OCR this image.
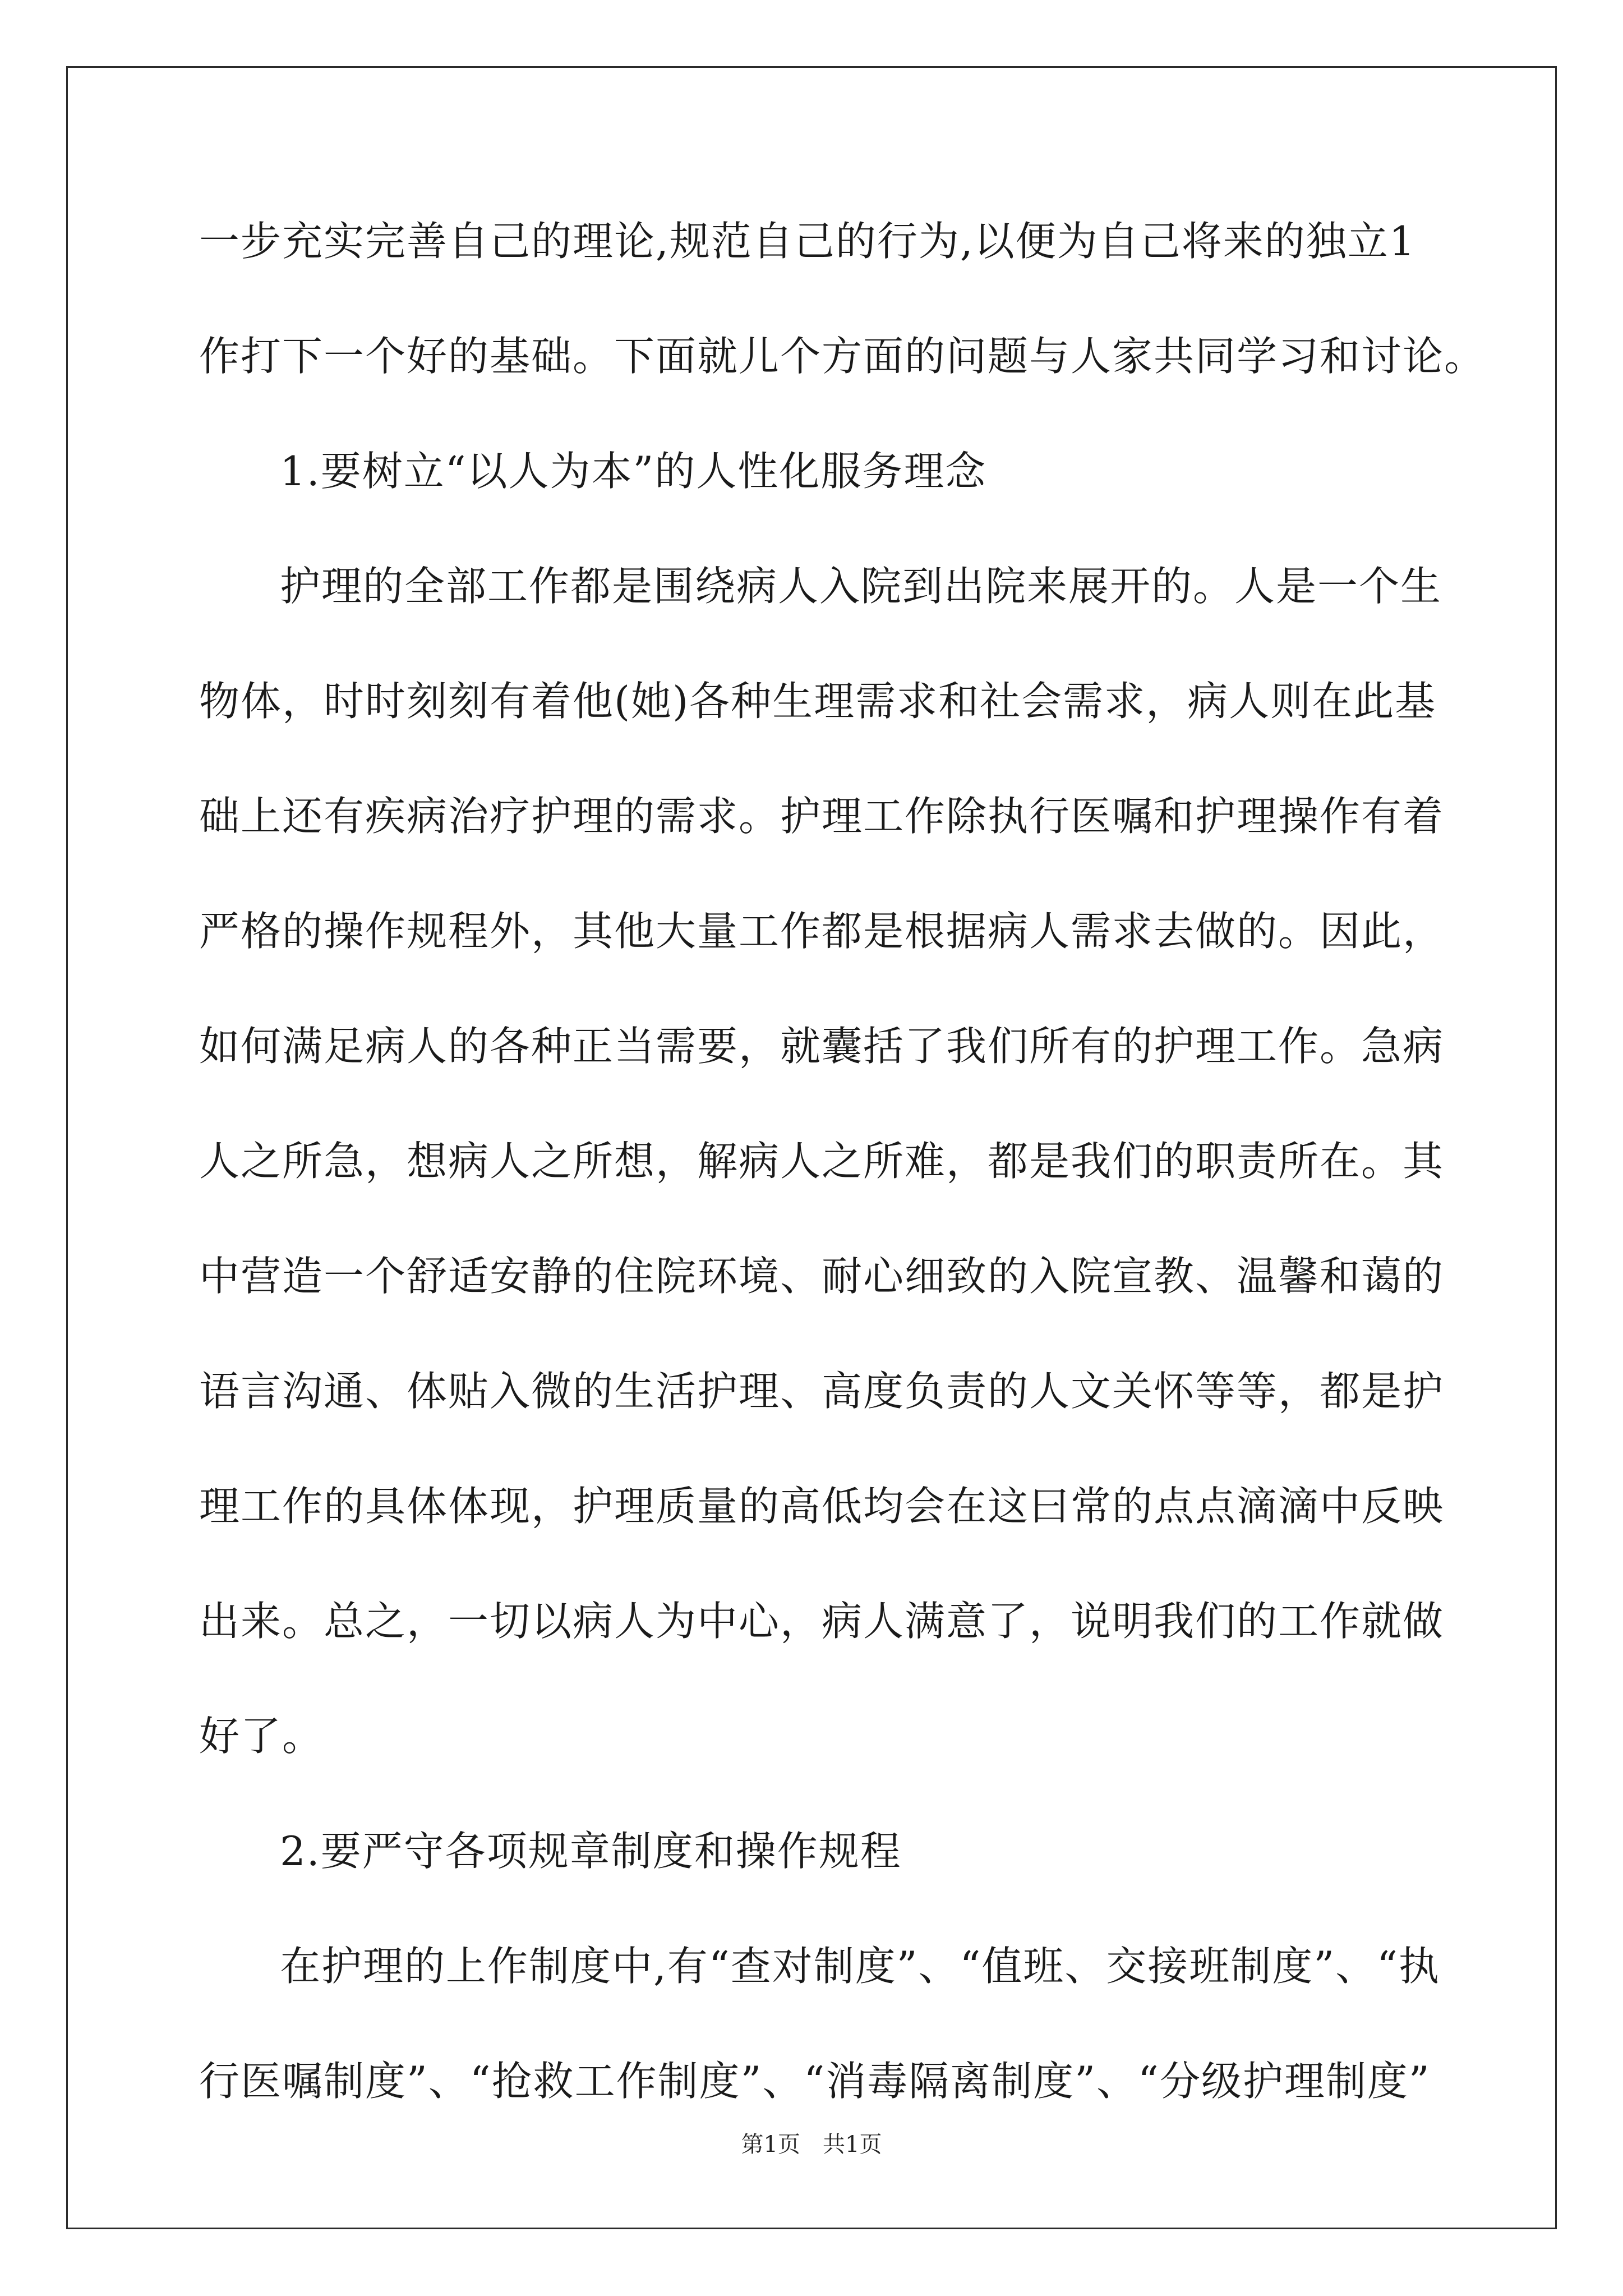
一步充实完善自己的理论,规范自己的行为,以便为自己将来的独立1
作打下一个好的基础。下面就儿个方面的问题与人家共同学习和讨论。
1.要树立“以人为本”的人性化服务理念
护理的全部工作都是围绕病人入院到出院来展开的。人是一个生
物体，时时刻刻有着他(她)各种生理需求和社会需求，病人则在此基
础上还有疾病治疗护理的需求。护理工作除执行医嘱和护理操作有着
严格的操作规程外，其他大量工作都是根据病人需求去做的。因此，
如何满足病人的各种正当需要，就囊括了我们所有的护理工作。急病
人之所急，想病人之所想，解病人之所难，都是我们的职责所在。其
中营造一个舒适安静的住院环境、耐心细致的入院宣教、温馨和蔼的
语言沟通、体贴入微的生活护理、高度负责的人文关怀等等，都是护
理工作的具体体现，护理质量的高低均会在这曰常的点点滴滴中反映
出来。总之，一切以病人为中心，病人满意了，说明我们的工作就做
好了。
2.要严守各项规章制度和操作规程
在护理的上作制度中,有“查对制度”、“值班、交接班制度”、“执
行医嘱制度”、“抢救工作制度”、“消毒隔离制度”、“分级护理制度”
第1页　共1页
